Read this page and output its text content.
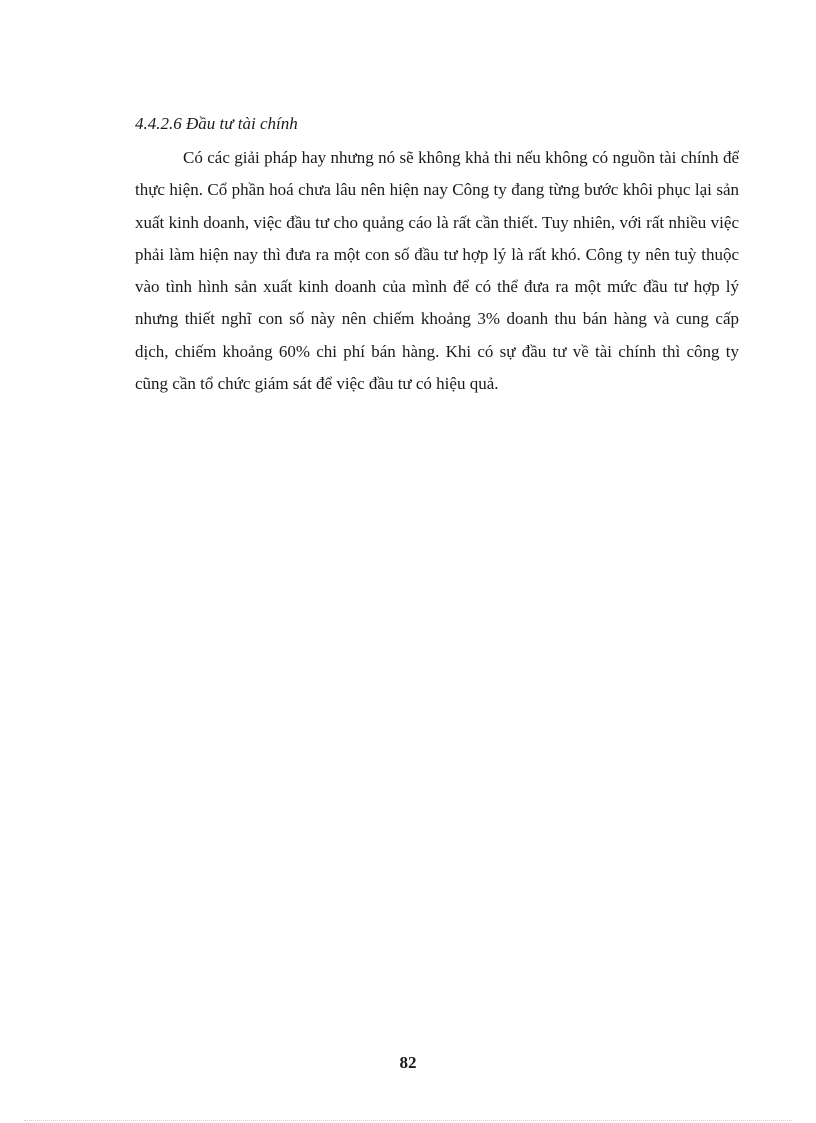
4.4.2.6 Đầu tư tài chính

Có các giải pháp hay nhưng nó sẽ không khả thi nếu không có nguồn tài chính để thực hiện. Cổ phần hoá chưa lâu nên hiện nay Công ty đang từng bước khôi phục lại sản xuất kinh doanh, việc đầu tư cho quảng cáo là rất cần thiết. Tuy nhiên, với rất nhiều việc phải làm hiện nay thì đưa ra một con số đầu tư hợp lý là rất khó. Công ty nên tuỳ thuộc vào tình hình sản xuất kinh doanh của mình để có thể đưa ra một mức đầu tư hợp lý nhưng thiết nghĩ con số này nên chiếm khoảng 3% doanh thu bán hàng và cung cấp dịch, chiếm khoảng 60% chi phí bán hàng. Khi có sự đầu tư về tài chính thì công ty cũng cần tổ chức giám sát để việc đầu tư có hiệu quả.

82
